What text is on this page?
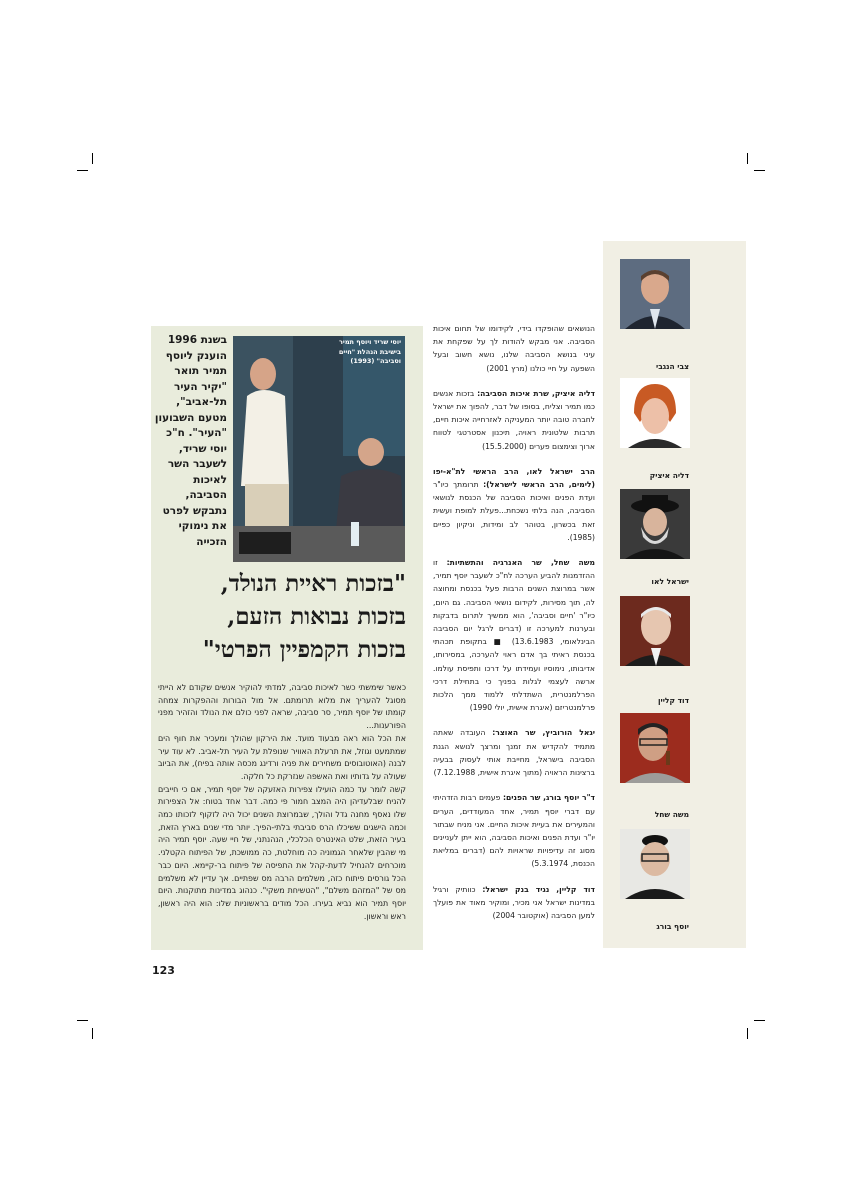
צבי הנגבי
דליה איציק
ישראל לאו
דוד קליין
משה שחל
יוסף בורג

הנושאים שהופקדו בידי, לקידומו של תחום איכות הסביבה. אני מבקש להודות לך על שפקחת את עיני בנושא הסביבה שלנו, נושא חשוב ובעל השפעה על חיי כולנו (מרץ 2001)

דליה איציק, שרת איכות הסביבה: בזכות אנשים כמו תמיר וצליח, בסופו של דבר, להפוך את ישראל לחברה טובה יותר המעניקה לאזרחייה איכות חיים, תרבות שלטונית ראויה, תיכנון אסטרטגי לטווח ארוך וצימצום פערים (15.5.2000)

הרב ישראל לאו, הרב הראשי לת"א-יפו (לימים, הרב הראשי לישראל): תרומתך כיו"ר ועדת הפנים ואיכות הסביבה של הכנסת לנושאי הסביבה, הנה בלתי נשכחת...פעלת למופת ועשית זאת בכשרון, בטוהר לב ומידות, וניקיון כפיים (1985).

משה שחל, שר האנרגיה והתשתיות: זו ההזדמנות להביע הערכה לח"כ לשעבר יוסף תמיר, אשר במרוצת השנים הרבות פעל בכנסת ומחוצה לה, תוך מסירות, לקידום נושאי הסביבה. גם היום, כיו"ר 'חיים וסביבה', הוא ממשיך לתרום בדבקות ובערנות למערכה זו (דברים לרגל יום הסביבה הבינלאומי, 13.6.1983) ■ בתקופת תכהתי בכנסת ראיתי בך אדם ראוי להערכה, במסירותו, אדיבותו, נימוסיו ועמידתו על דרכו ותפיסת עולמו. ארשה לעצמי לגלות בפניך כי בתחילת דרכי הפרלמנטרית, השתדלתי ללמוד ממך הלכות פרלמנטריזם (איגרת אישית, יולי 1990)

יגאל הורוביץ, שר האוצר: העובדה שאתה מתמיד להקדיש את זמנך ומרצך לנושא הגנת הסביבה בישראל, מחייבת אותי לעסוק בבעיה ברצינות הראויה (מתוך איגרת אישית, 7.12.1988)

ד"ר יוסף בורג, שר הפנים: פעמים רבות הזדהיתי עם דברי יוסף תמיר, אחד המעודדים, הערים והמעירים את בעיית איכות החיים. אני מניח שבתור יו"ר ועדת הפנים ואיכות הסביבה, הוא ייתן לעניינים מסוג זה עדיפויות שראויות להם (דברים במליאת הכנסת, 5.3.1974)

דוד קליין, נגיד בנק ישראל: כוותיק ורגיל במדינות ישראל אני מכיר, ומוקיר מאוד את פועלך למען הסביבה (אוקטובר 2004)

יוסי שריד ויוסף תמיר בישיבת הנהלת "חיים וסביבה" (1993)
בשנת 1996 הוענק ליוסף תמיר תואר "יקיר העיר תל-אביב", מטעם השבועון "העיר". ח"כ יוסי שריד, לשעבר השר לאיכות הסביבה, נתבקש לפרט את נימוקי הזכייה
"בזכות ראיית הנולד,
בזכות נבואות הזעם,
בזכות הקמפיין הפרטי"

כאשר שימשתי כשר לאיכות סביבה, למדתי להוקיר אנשים שקודם לא הייתי מסוגל להעריך את מלוא תרומתם. אל מול הבורות וההפקרות צמחה קומתו של יוסף תמיר, סר סביבה, שראה לפני כולם את הנולד והזהיר מפני הפורענות...

את הכל הוא ראה מבעוד מועד. את הירקון שהולך ומעכיר את חוף הים שמתמעט וגוזל, את תרעלת האוויר שנופלת על העיר תל-אביב. לא עוד עיר לבנה (האוטובוסים משחירים את פניה ורדינג מכסה אותה בפיח), את הביוב שעולה על גדותיו ואת האשפה שנזרקת כל חלקה.

קשה לומר עד כמה הועילו צפירות האזעקה של יוסף תמיר, אם כי חייבים להניח שבלעדיהן היה המצב חמור פי כמה. דבר אחד בטוח: אל הצפירות שלו נאסף מחנה גדל והולך, שבמרוצת השנים יכול היה לזקוף לזכותו כמה וכמה הישגים ששיכלו הרס סביבתי בלתי-הפיך. יותר מדי שנים בארץ הזאת, בעיר הזאת, שלט האינטרס הכלכלי, הנהנתני, של חיי שעה. יוסף תמיר היה מי שהבין שלאחר הגמוניה כה מוחלטת, כה ממושכת, של הפיתוח הקטלני. מוכרחים להנחיל לדעת-קהל את התפיסה של פיתוח בר-קיימא. היום כבר הכל גורסים פיתוח כזה, משלמים הרבה מס שפתיים. אך עדיין לא משלמים מס של "המזהם משלם", "הטשיחת משקי". כנהוג במדינות מתוקנות. היום יוסף תמיר הוא נביא בעירו. הכל מודים בראשוניות שלו: הוא היה ראשון, ראש וראשון.

123
